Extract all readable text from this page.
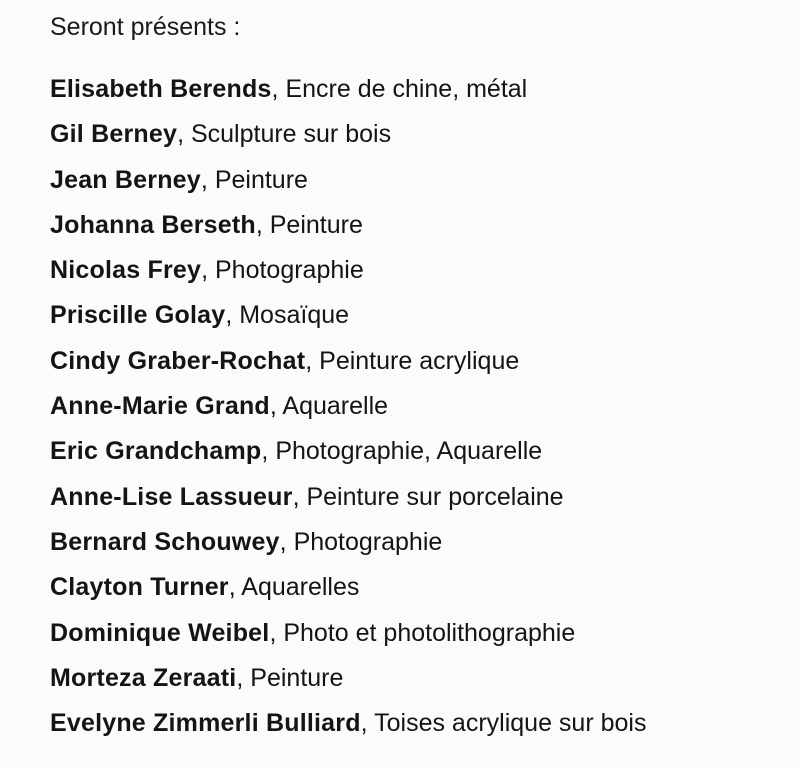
Seront présents :
Elisabeth Berends, Encre de chine, métal
Gil Berney, Sculpture sur bois
Jean Berney, Peinture
Johanna Berseth, Peinture
Nicolas Frey, Photographie
Priscille Golay, Mosaïque
Cindy Graber-Rochat, Peinture acrylique
Anne-Marie Grand, Aquarelle
Eric Grandchamp, Photographie, Aquarelle
Anne-Lise Lassueur, Peinture sur porcelaine
Bernard Schouwey, Photographie
Clayton Turner, Aquarelles
Dominique Weibel, Photo et photolithographie
Morteza Zeraati, Peinture
Evelyne Zimmerli Bulliard, Toises acrylique sur bois
